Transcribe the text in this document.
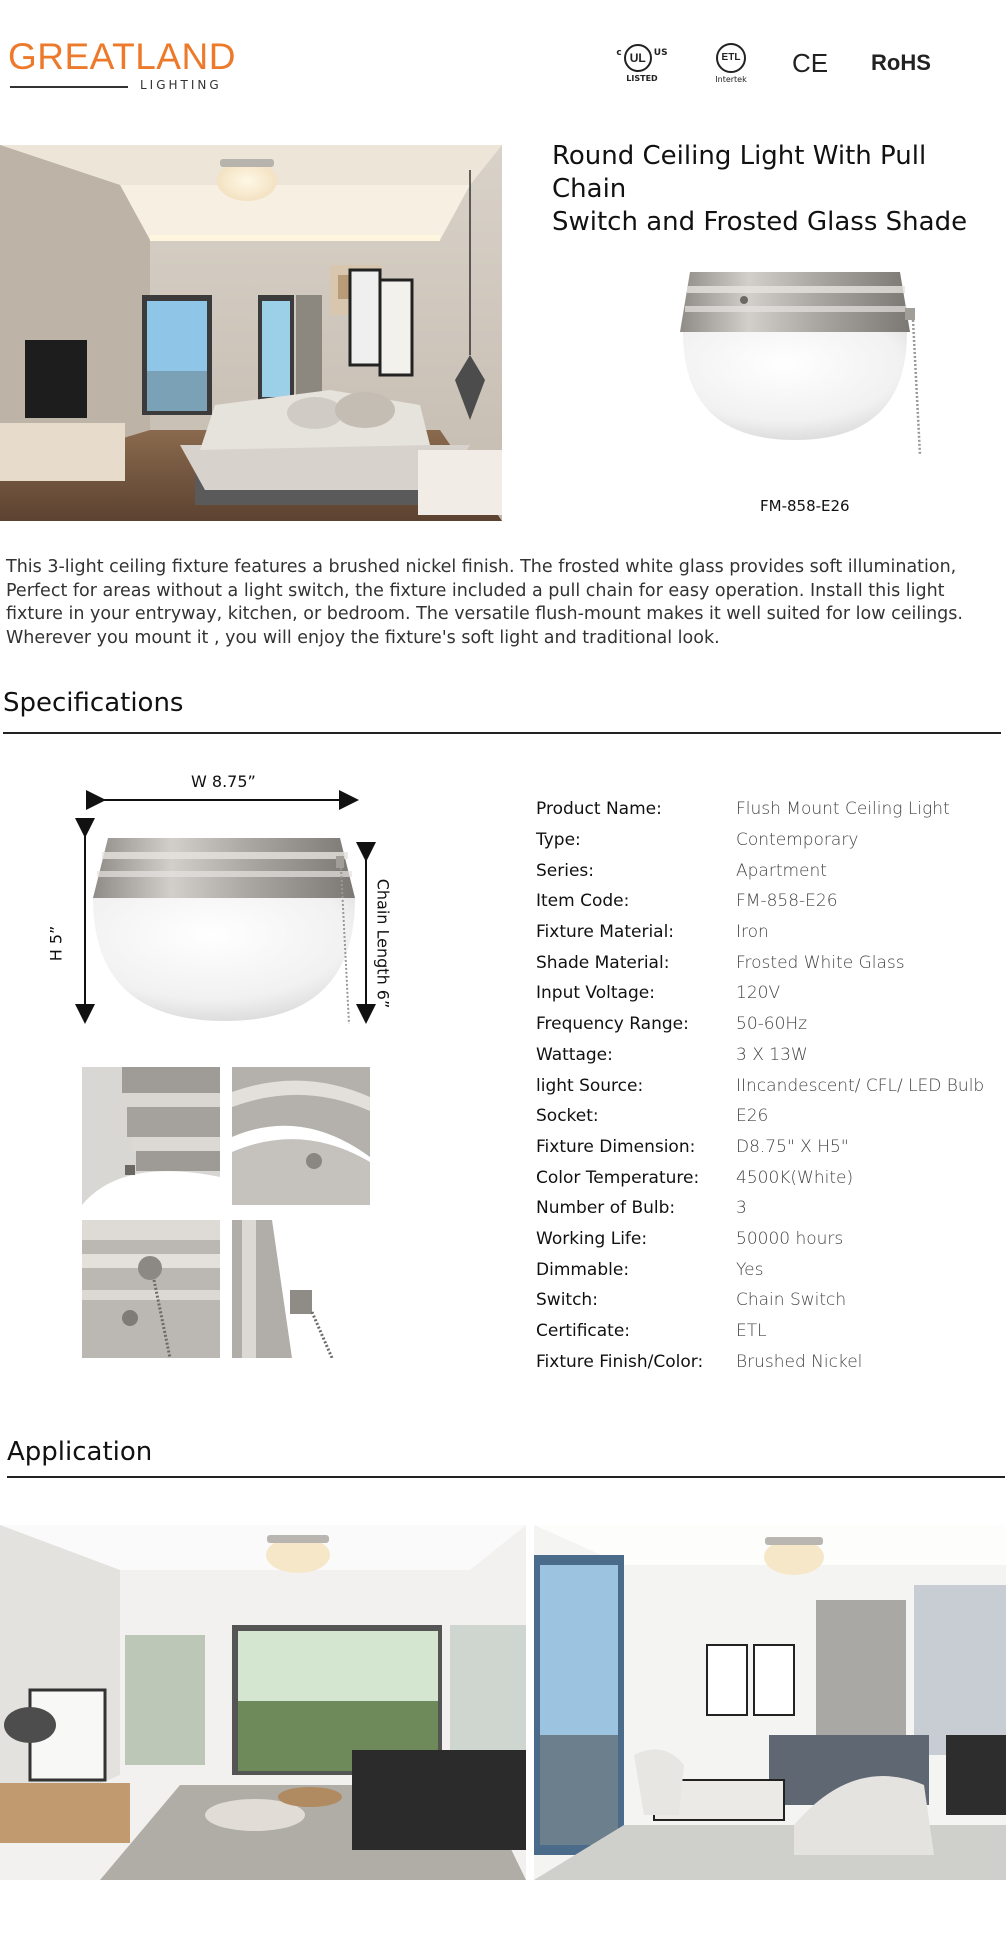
GREATLAND
LIGHTING
c UL US
LISTED
ETL
Intertek
CE RoHS
Round Ceiling Light With Pull Chain
Switch and Frosted Glass Shade
FM-858-E26

This 3-light ceiling fixture features a brushed nickel finish. The frosted white glass provides soft illumination, Perfect for areas without a light switch, the fixture included a pull chain for easy operation. Install this light fixture in your entryway, kitchen, or bedroom. The versatile flush-mount makes it well suited for low ceilings. Wherever you mount it , you will enjoy the fixture's soft light and traditional look.

Specifications
W 8.75”
H 5”	Chain Length 6”
Product Name:	Flush Mount Ceiling Light
Type:	Contemporary
Series:	Apartment
Item Code:	FM-858-E26
Fixture Material:	Iron
Shade Material:	Frosted White Glass
Input Voltage:	120V
Frequency Range:	50-60Hz
Wattage:	3 X 13W
light Source:	IIncandescent/ CFL/ LED Bulb
Socket:	E26
Fixture Dimension:	D8.75" X H5"
Color Temperature:	4500K(White)
Number of Bulb:	3
Working Life:	50000 hours
Dimmable:	Yes
Switch:	Chain Switch
Certificate:	ETL
Fixture Finish/Color:	Brushed Nickel
Application
